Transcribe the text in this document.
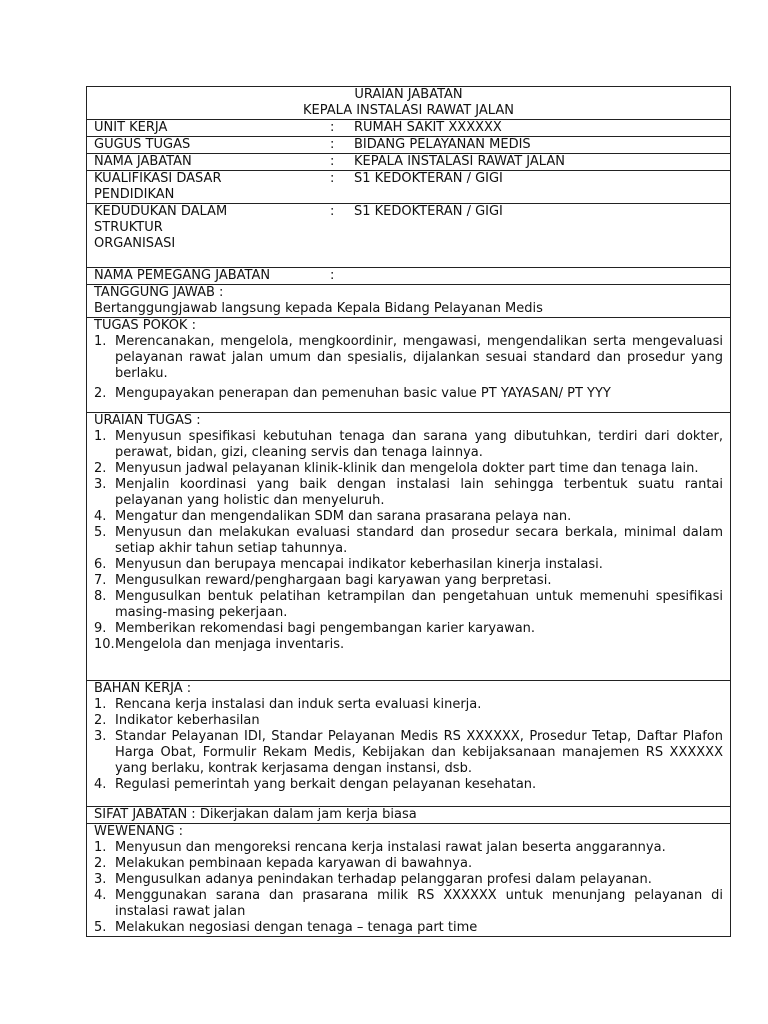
URAIAN JABATAN
KEPALA INSTALASI RAWAT JALAN

UNIT KERJA	:	RUMAH SAKIT XXXXXX

GUGUS TUGAS	:	BIDANG PELAYANAN MEDIS

NAMA JABATAN	:	KEPALA INSTALASI RAWAT JALAN

KUALIFIKASI DASAR
PENDIDIKAN
:	S1 KEDOKTERAN / GIGI

KEDUDUKAN DALAM
STRUKTUR
ORGANISASI
:	S1 KEDOKTERAN / GIGI

NAMA PEMEGANG JABATAN	:

TANGGUNG JAWAB :
Bertanggungjawab langsung kepada Kepala Bidang Pelayanan Medis

TUGAS POKOK :
1. Merencanakan, mengelola, mengkoordinir, mengawasi, mengendalikan serta mengevaluasi pelayanan rawat jalan umum dan spesialis, dijalankan sesuai standard dan prosedur yang berlaku.
2. Mengupayakan penerapan dan pemenuhan basic value PT YAYASAN/ PT YYY

URAIAN TUGAS :
1. Menyusun spesifikasi kebutuhan tenaga dan sarana yang dibutuhkan, terdiri dari dokter, perawat, bidan, gizi, cleaning servis dan tenaga lainnya.
2. Menyusun jadwal pelayanan klinik-klinik dan mengelola dokter part time dan tenaga lain.
3. Menjalin koordinasi yang baik dengan instalasi lain sehingga terbentuk suatu rantai pelayanan yang holistic dan menyeluruh.
4. Mengatur dan mengendalikan SDM dan sarana prasarana pelaya nan.
5. Menyusun dan melakukan evaluasi standard dan prosedur secara berkala, minimal dalam setiap akhir tahun setiap tahunnya.
6. Menyusun dan berupaya mencapai indikator keberhasilan kinerja instalasi.
7. Mengusulkan reward/penghargaan bagi karyawan yang berpretasi.
8. Mengusulkan bentuk pelatihan ketrampilan dan pengetahuan untuk memenuhi spesifikasi masing-masing pekerjaan.
9. Memberikan rekomendasi bagi pengembangan karier karyawan.
10. Mengelola dan menjaga inventaris.

BAHAN KERJA :
1. Rencana kerja instalasi dan induk serta evaluasi kinerja.
2. Indikator keberhasilan
3. Standar Pelayanan IDI, Standar Pelayanan Medis RS XXXXXX, Prosedur Tetap, Daftar Plafon Harga Obat, Formulir Rekam Medis, Kebijakan dan kebijaksanaan manajemen RS XXXXXX yang berlaku, kontrak kerjasama dengan instansi, dsb.
4. Regulasi pemerintah yang berkait dengan pelayanan kesehatan.

SIFAT JABATAN : Dikerjakan dalam jam kerja biasa

WEWENANG :
1. Menyusun dan mengoreksi rencana kerja instalasi rawat jalan beserta anggarannya.
2. Melakukan pembinaan kepada karyawan di bawahnya.
3. Mengusulkan adanya penindakan terhadap pelanggaran profesi dalam pelayanan.
4. Menggunakan sarana dan prasarana milik RS XXXXXX untuk menunjang pelayanan di instalasi rawat jalan
5. Melakukan negosiasi dengan tenaga – tenaga part time
